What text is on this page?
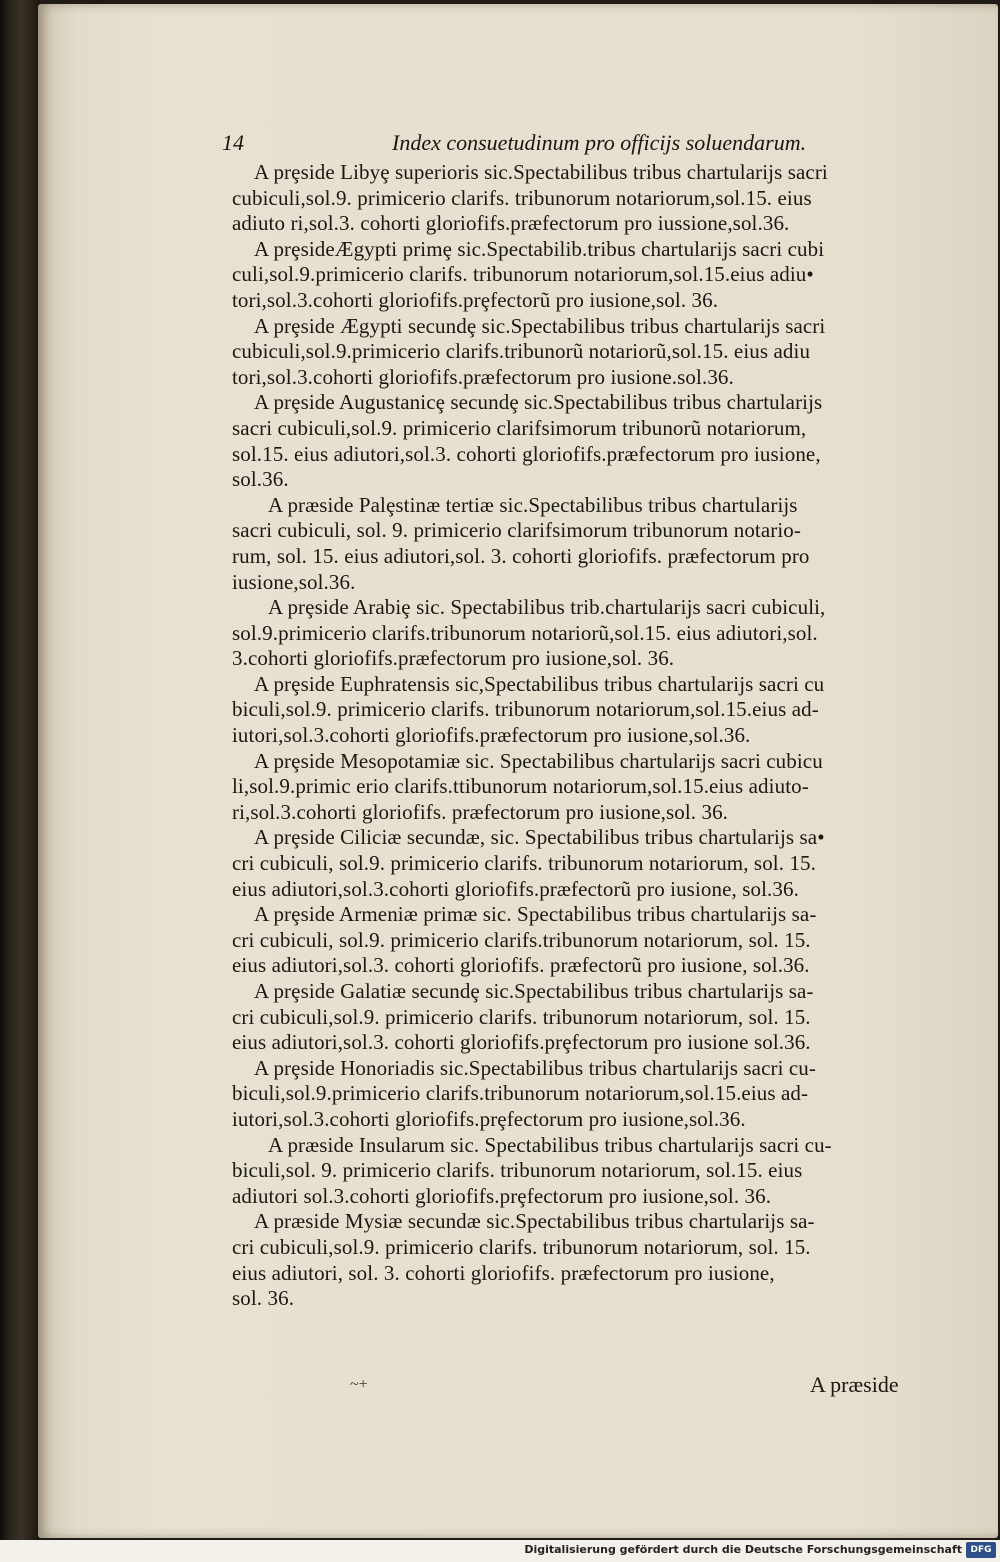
14	Index consuetudinum pro officijs soluendarum.
A prȩside Libyȩ superioris sic.Spectabilibus tribus chartularijs sacri
cubiculi,sol.9. primicerio clarifs. tribunorum notariorum,sol.15. eius
adiuto ri,sol.3. cohorti gloriofifs.præfectorum pro iussione,sol.36.
A prȩsideÆgypti primȩ sic.Spectabilib.tribus chartularijs sacri cubi
culi,sol.9.primicerio clarifs. tribunorum notariorum,sol.15.eius adiu•
tori,sol.3.cohorti gloriofifs.prȩfectorũ pro iusione,sol. 36.
A prȩside Ægypti secundȩ sic.Spectabilibus tribus chartularijs sacri
cubiculi,sol.9.primicerio clarifs.tribunorũ notariorũ,sol.15. eius adiu
tori,sol.3.cohorti gloriofifs.præfectorum pro iusione.sol.36.
A prȩside Augustanicȩ secundȩ sic.Spectabilibus tribus chartularijs
sacri cubiculi,sol.9. primicerio clarifsimorum tribunorũ notariorum,
sol.15. eius adiutori,sol.3. cohorti gloriofifs.præfectorum pro iusione,
sol.36.
A præside Palȩstinæ tertiæ sic.Spectabilibus tribus chartularijs
sacri cubiculi, sol. 9. primicerio clarifsimorum tribunorum notario-
rum, sol. 15. eius adiutori,sol. 3. cohorti gloriofifs. præfectorum pro
iusione,sol.36.
A prȩside Arabiȩ sic. Spectabilibus trib.chartularijs sacri cubiculi,
sol.9.primicerio clarifs.tribunorum notariorũ,sol.15. eius adiutori,sol.
3.cohorti gloriofifs.præfectorum pro iusione,sol. 36.
A prȩside Euphratensis sic,Spectabilibus tribus chartularijs sacri cu
biculi,sol.9. primicerio clarifs. tribunorum notariorum,sol.15.eius ad-
iutori,sol.3.cohorti gloriofifs.præfectorum pro iusione,sol.36.
A prȩside Mesopotamiæ sic. Spectabilibus chartularijs sacri cubicu
li,sol.9.primic erio clarifs.ttibunorum notariorum,sol.15.eius adiuto-
ri,sol.3.cohorti gloriofifs. præfectorum pro iusione,sol. 36.
A prȩside Ciliciæ secundæ, sic. Spectabilibus tribus chartularijs sa•
cri cubiculi, sol.9. primicerio clarifs. tribunorum notariorum, sol. 15.
eius adiutori,sol.3.cohorti gloriofifs.præfectorũ pro iusione, sol.36.
A prȩside Armeniæ primæ sic. Spectabilibus tribus chartularijs sa-
cri cubiculi, sol.9. primicerio clarifs.tribunorum notariorum, sol. 15.
eius adiutori,sol.3. cohorti gloriofifs. præfectorũ pro iusione, sol.36.
A prȩside Galatiæ secundȩ sic.Spectabilibus tribus chartularijs sa-
cri cubiculi,sol.9. primicerio clarifs. tribunorum notariorum, sol. 15.
eius adiutori,sol.3. cohorti gloriofifs.prȩfectorum pro iusione sol.36.
A prȩside Honoriadis sic.Spectabilibus tribus chartularijs sacri cu-
biculi,sol.9.primicerio clarifs.tribunorum notariorum,sol.15.eius ad-
iutori,sol.3.cohorti gloriofifs.prȩfectorum pro iusione,sol.36.
A præside Insularum sic. Spectabilibus tribus chartularijs sacri cu-
biculi,sol. 9. primicerio clarifs. tribunorum notariorum, sol.15. eius
adiutori sol.3.cohorti gloriofifs.prȩfectorum pro iusione,sol. 36.
A præside Mysiæ secundæ sic.Spectabilibus tribus chartularijs sa-
cri cubiculi,sol.9. primicerio clarifs. tribunorum notariorum, sol. 15.
eius adiutori, sol. 3. cohorti gloriofifs. præfectorum pro iusione,
sol. 36.
~+	A præside
Digitalisierung gefördert durch die Deutsche Forschungsgemeinschaft DFG
